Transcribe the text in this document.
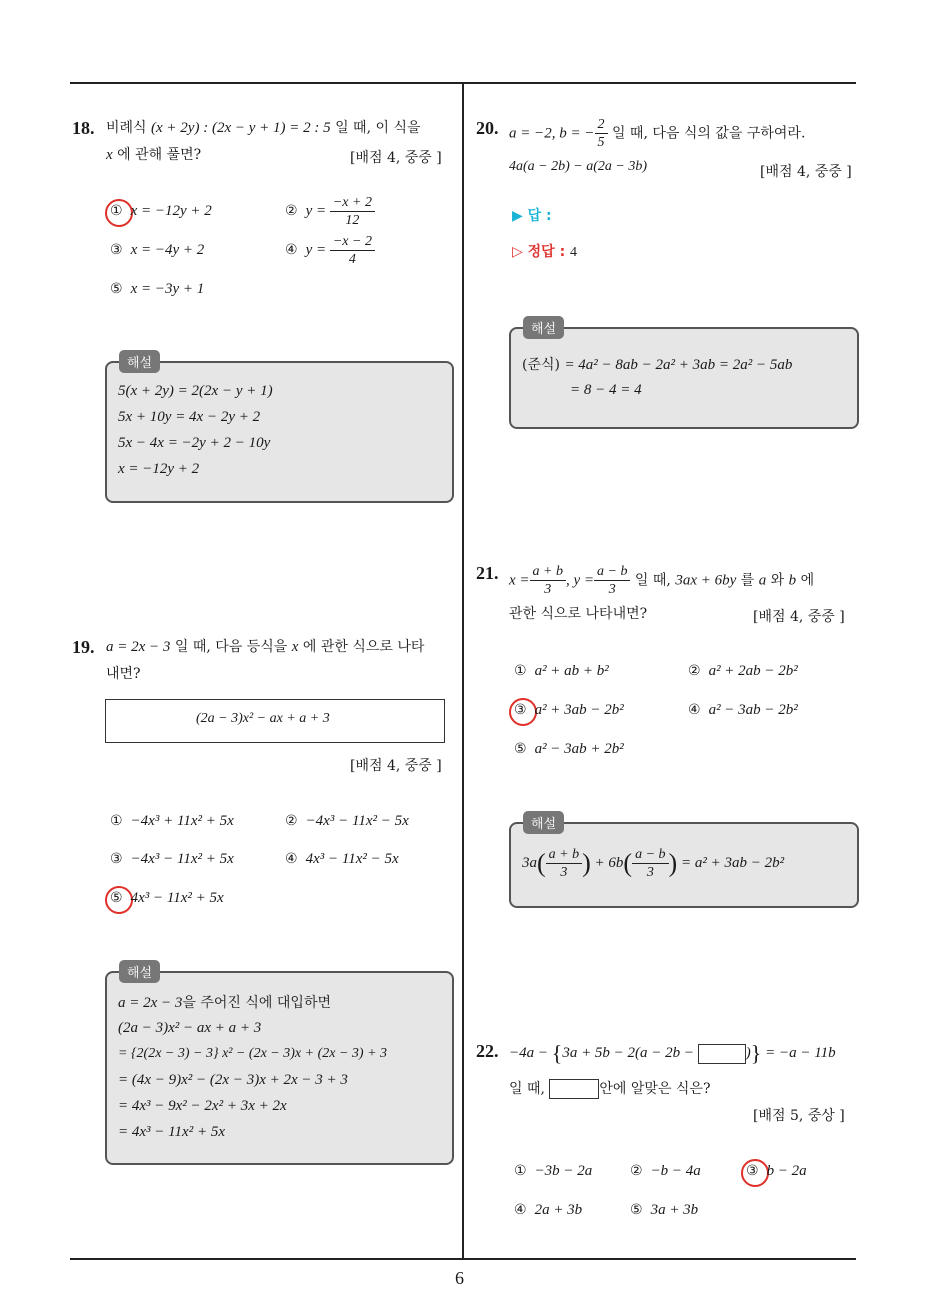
6
18. 비례식 (x + 2y) : (2x − y + 1) = 2 : 5 일 때, 이 식을
x 에 관해 풀면?	[배점 4, 중중 ]
① x = −12y + 2	② $y = \frac{-x + 2}{12}$
③ x = −4y + 2	④ $y = \frac{-x - 2}{4}$
⑤ x = −3y + 1
해설
5(x + 2y) = 2(2x − y + 1)
5x + 10y = 4x − 2y + 2
5x − 4x = −2y + 2 − 10y
x = −12y + 2
19. a = 2x − 3 일 때, 다음 등식을 x 에 관한 식으로 나타
내면?
(2a − 3)x² − ax + a + 3
[배점 4, 중중 ]
① −4x³ + 11x² + 5x	② −4x³ − 11x² − 5x
③ −4x³ − 11x² + 5x	④ 4x³ − 11x² − 5x
⑤ 4x³ − 11x² + 5x
해설
a = 2x − 3을 주어진 식에 대입하면
(2a − 3)x² − ax + a + 3
= {2(2x − 3) − 3} x² − (2x − 3)x + (2x − 3) + 3
= (4x − 9)x² − (2x − 3)x + 2x − 3 + 3
= 4x³ − 9x² − 2x² + 3x + 2x
= 4x³ − 11x² + 5x
20. a = −2, b = − $\frac{2}{5}$ 일 때, 다음 식의 값을 구하여라.
4a(a − 2b) − a(2a − 3b)	[배점 4, 중중 ]
▶ 답 :
▷ 정답 : 4
해설
(준식) = 4a² − 8ab − 2a² + 3ab = 2a² − 5ab
= 8 − 4 = 4
21. $x = \frac{a + b}{3}$ , $y = \frac{a - b}{3}$ 일 때, 3ax + 6by 를 a 와 b 에
관한 식으로 나타내면?	[배점 4, 중중 ]
① a² + ab + b²	② a² + 2ab − 2b²
③ a² + 3ab − 2b²	④ a² − 3ab − 2b²
⑤ a² − 3ab + 2b²
해설
$3a( \frac{a + b}{3}$ ) + $6b( \frac{a - b}{3}$ ) = a² + 3ab − 2b²
22. −4a − {3a + 5b − 2(a − 2b −	)} = −a − 11b
일 때,	안에 알맞은 식은?
[배점 5, 중상 ]
① −3b − 2a	② −b − 4a	③ b − 2a
④ 2a + 3b	⑤ 3a + 3b
